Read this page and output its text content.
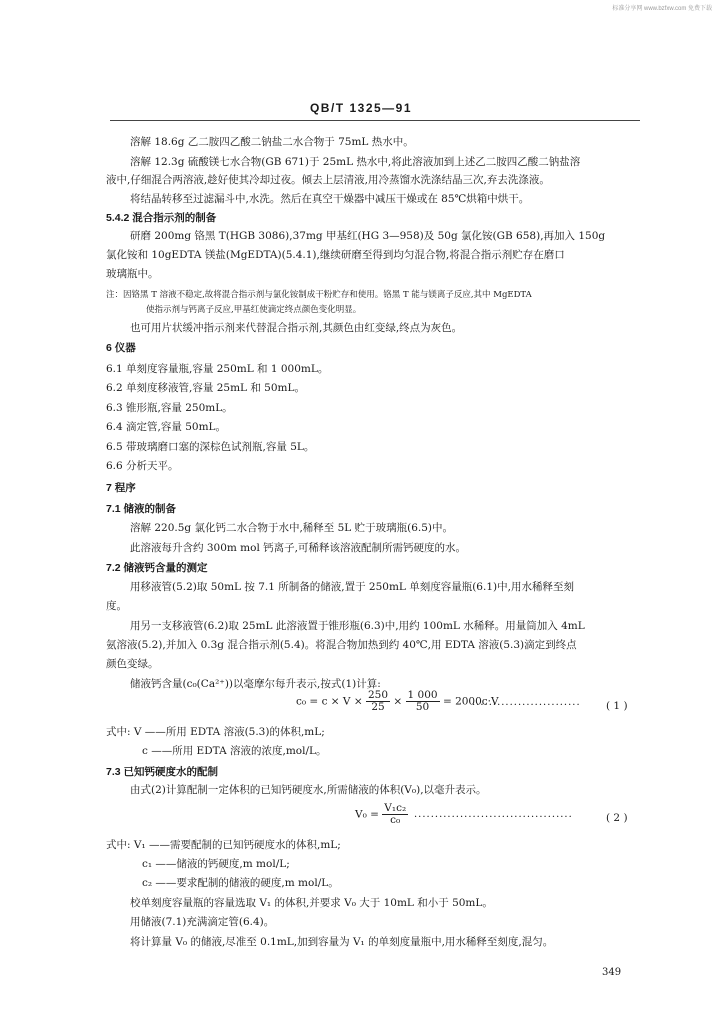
标准分享网 www.bzfxw.com 免费下载
QB/T 1325—91
溶解 18.6g 乙二胺四乙酸二钠盐二水合物于 75mL 热水中。
溶解 12.3g 硫酸镁七水合物(GB 671)于 25mL 热水中,将此溶液加到上述乙二胺四乙酸二钠盐溶
液中,仔细混合两溶液,趁好使其冷却过夜。倾去上层清液,用冷蒸馏水洗涤结晶三次,弃去洗涤液。
将结晶转移至过滤漏斗中,水洗。然后在真空干燥器中减压干燥或在 85℃烘箱中烘干。
5.4.2 混合指示剂的制备
研磨 200mg 铬黑 T(HGB 3086),37mg 甲基红(HG 3—958)及 50g 氯化铵(GB 658),再加入 150g
氯化铵和 10gEDTA 镁盐(MgEDTA)(5.4.1),继续研磨至得到均匀混合物,将混合指示剂贮存在磨口
玻璃瓶中。
注：因铬黑 T 溶液不稳定,故将混合指示剂与氯化铵制成干粉贮存和使用。铬黑 T 能与镁离子反应,其中 MgEDTA
使指示剂与钙离子反应,甲基红使滴定终点颜色变化明显。
也可用片状缓冲指示剂来代替混合指示剂,其颜色由红变绿,终点为灰色。
6 仪器
6.1 单刻度容量瓶,容量 250mL 和 1 000mL。
6.2 单刻度移液管,容量 25mL 和 50mL。
6.3 锥形瓶,容量 250mL。
6.4 滴定管,容量 50mL。
6.5 带玻璃磨口塞的深棕色试剂瓶,容量 5L。
6.6 分析天平。
7 程序
7.1 储液的制备
溶解 220.5g 氯化钙二水合物于水中,稀释至 5L 贮于玻璃瓶(6.5)中。
此溶液每升含约 300m mol 钙离子,可稀释该溶液配制所需钙硬度的水。
7.2 储液钙含量的测定
用移液管(5.2)取 50mL 按 7.1 所制备的储液,置于 250mL 单刻度容量瓶(6.1)中,用水稀释至刻
度。
用另一支移液管(6.2)取 25mL 此溶液置于锥形瓶(6.3)中,用约 100mL 水稀释。用量筒加入 4mL
氨溶液(5.2),并加入 0.3g 混合指示剂(5.4)。将混合物加热到约 40℃,用 EDTA 溶液(5.3)滴定到终点
颜色变绿。
储液钙含量(c₀(Ca²⁺))以毫摩尔每升表示,按式(1)计算:
$c_0 = c \times V \times \frac{250}{25} \times \frac{1 000}{50} = 2000c\cdot V$
·························· ( 1 )
式中: V ——所用 EDTA 溶液(5.3)的体积,mL;
c ——所用 EDTA 溶液的浓度,mol/L。
7.3 已知钙硬度水的配制
由式(2)计算配制一定体积的已知钙硬度水,所需储液的体积(V₀),以毫升表示。
$V_0 = \frac{\text{V₁c₂}}{\text{c₀}}$ ······································	( 2 )
式中: V₁ ——需要配制的已知钙硬度水的体积,mL;
c₁ ——储液的钙硬度,m mol/L;
c₂ ——要求配制的储液的硬度,m mol/L。
校单刻度容量瓶的容量选取 V₁ 的体积,并要求 V₀ 大于 10mL 和小于 50mL。
用储液(7.1)充满滴定管(6.4)。
将计算量 V₀ 的储液,尽准至 0.1mL,加到容量为 V₁ 的单刻度量瓶中,用水稀释至刻度,混匀。
349
